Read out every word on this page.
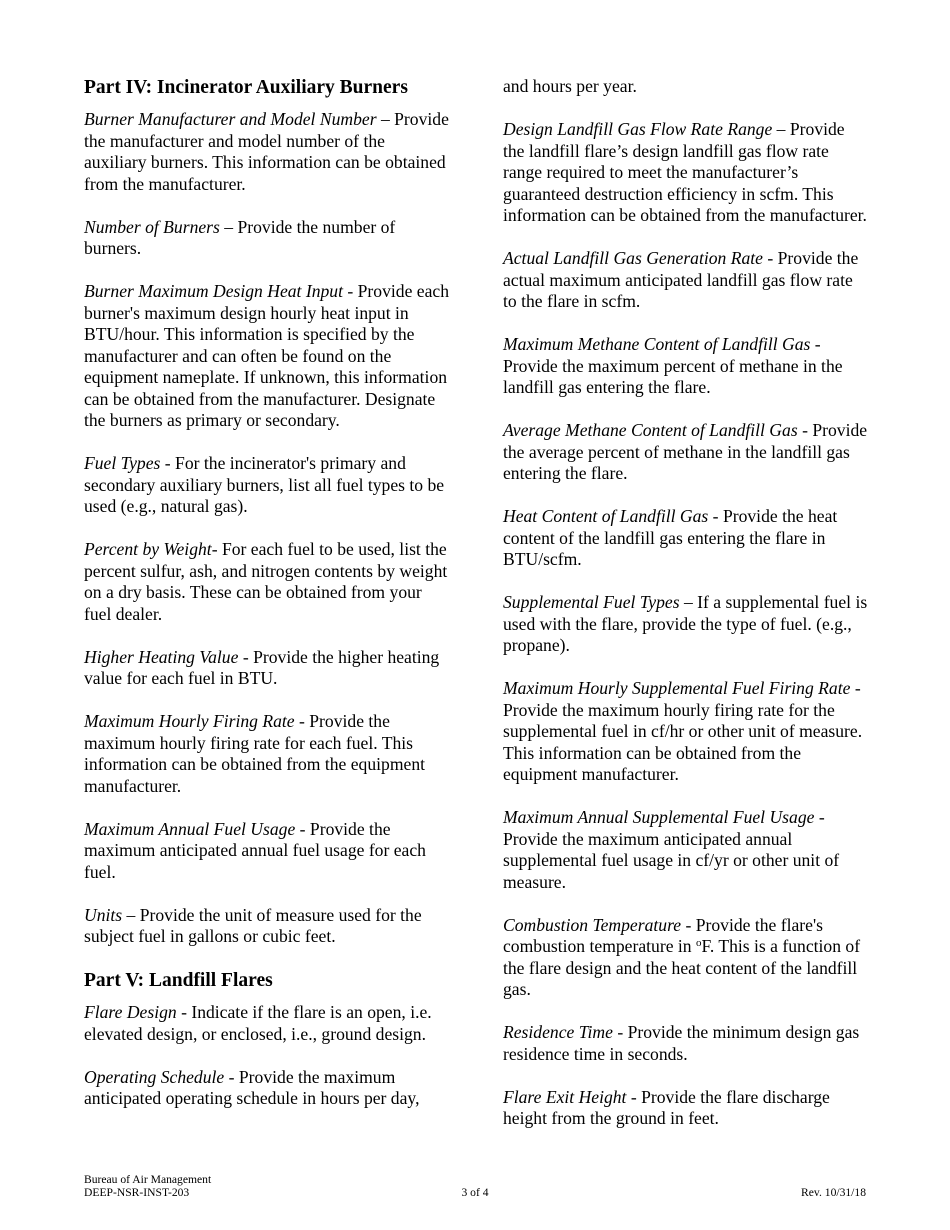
Part IV: Incinerator Auxiliary Burners

Burner Manufacturer and Model Number – Provide the manufacturer and model number of the auxiliary burners. This information can be obtained from the manufacturer.

Number of Burners – Provide the number of burners.

Burner Maximum Design Heat Input - Provide each burner's maximum design hourly heat input in BTU/hour. This information is specified by the manufacturer and can often be found on the equipment nameplate. If unknown, this information can be obtained from the manufacturer. Designate the burners as primary or secondary.

Fuel Types - For the incinerator's primary and secondary auxiliary burners, list all fuel types to be used (e.g., natural gas).

Percent by Weight- For each fuel to be used, list the percent sulfur, ash, and nitrogen contents by weight on a dry basis. These can be obtained from your fuel dealer.

Higher Heating Value - Provide the higher heating value for each fuel in BTU.

Maximum Hourly Firing Rate - Provide the maximum hourly firing rate for each fuel. This information can be obtained from the equipment manufacturer.

Maximum Annual Fuel Usage - Provide the maximum anticipated annual fuel usage for each fuel.

Units – Provide the unit of measure used for the subject fuel in gallons or cubic feet.

Part V: Landfill Flares

Flare Design - Indicate if the flare is an open, i.e. elevated design, or enclosed, i.e., ground design.

Operating Schedule - Provide the maximum anticipated operating schedule in hours per day,

and hours per year.

Design Landfill Gas Flow Rate Range – Provide the landfill flare’s design landfill gas flow rate range required to meet the manufacturer’s guaranteed destruction efficiency in scfm. This information can be obtained from the manufacturer.

Actual Landfill Gas Generation Rate - Provide the actual maximum anticipated landfill gas flow rate to the flare in scfm.

Maximum Methane Content of Landfill Gas - Provide the maximum percent of methane in the landfill gas entering the flare.

Average Methane Content of Landfill Gas - Provide the average percent of methane in the landfill gas entering the flare.

Heat Content of Landfill Gas - Provide the heat content of the landfill gas entering the flare in BTU/scfm.

Supplemental Fuel Types – If a supplemental fuel is used with the flare, provide the type of fuel. (e.g., propane).

Maximum Hourly Supplemental Fuel Firing Rate - Provide the maximum hourly firing rate for the supplemental fuel in cf/hr or other unit of measure. This information can be obtained from the equipment manufacturer.

Maximum Annual Supplemental Fuel Usage - Provide the maximum anticipated annual supplemental fuel usage in cf/yr or other unit of measure.

Combustion Temperature - Provide the flare's combustion temperature in $^o$F. This is a function of the flare design and the heat content of the landfill gas.

Residence Time - Provide the minimum design gas residence time in seconds.

Flare Exit Height - Provide the flare discharge height from the ground in feet.

Bureau of Air Management
DEEP-NSR-INST-203	3 of 4	Rev. 10/31/18
